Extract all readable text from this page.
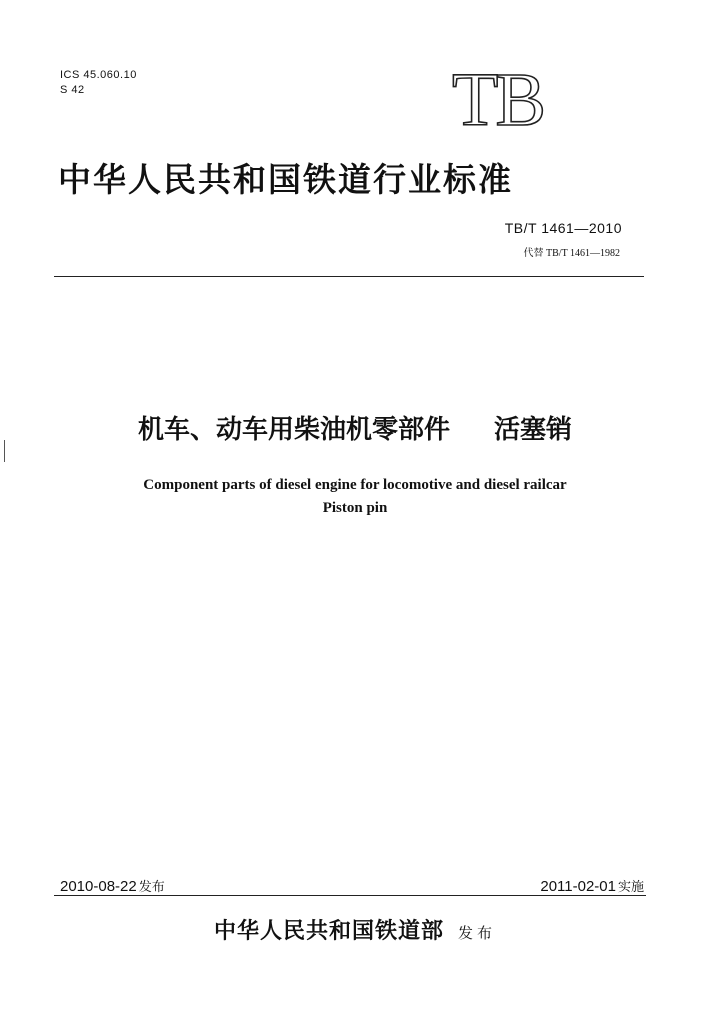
ICS 45.060.10
S 42	TB
中华人民共和国铁道行业标准
TB/T 1461—2010
代替 TB/T 1461—1982
机车、动车用柴油机零部件 活塞销
Component parts of diesel engine for locomotive and diesel railcar
Piston pin
2010-08-22 发布	2011-02-01 实施
中华人民共和国铁道部 发布
